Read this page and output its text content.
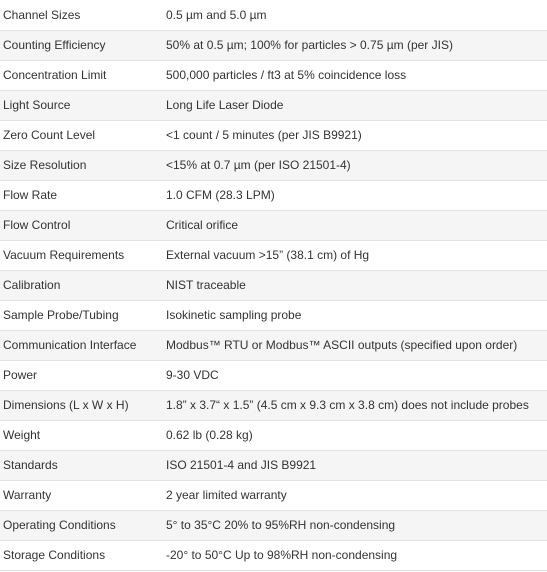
Channel Sizes	0.5 µm and 5.0 µm
Counting Efficiency	50% at 0.5 µm; 100% for particles > 0.75 µm (per JIS)
Concentration Limit	500,000 particles / ft3 at 5% coincidence loss
Light Source	Long Life Laser Diode
Zero Count Level	<1 count / 5 minutes (per JIS B9921)
Size Resolution	<15% at 0.7 µm (per ISO 21501-4)
Flow Rate	1.0 CFM (28.3 LPM)
Flow Control	Critical orifice
Vacuum Requirements	External vacuum >15” (38.1 cm) of Hg
Calibration	NIST traceable
Sample Probe/Tubing	Isokinetic sampling probe
Communication Interface	Modbus™ RTU or Modbus™ ASCII outputs (specified upon order)
Power	9-30 VDC
Dimensions (L x W x H)	1.8” x 3.7“ x 1.5” (4.5 cm x 9.3 cm x 3.8 cm) does not include probes
Weight	0.62 lb (0.28 kg)
Standards	ISO 21501-4 and JIS B9921
Warranty	2 year limited warranty
Operating Conditions	5° to 35°C 20% to 95%RH non-condensing
Storage Conditions	-20° to 50°C Up to 98%RH non-condensing
